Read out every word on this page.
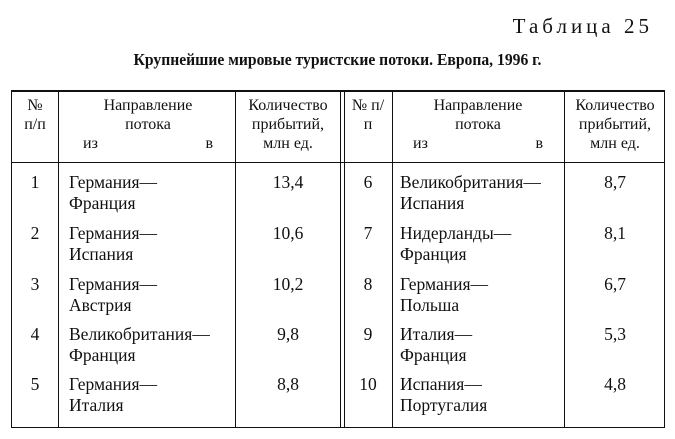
Таблица 25
Крупнейшие мировые туристские потоки. Европа, 1996 г.
№ п/п
Направление потока
из	в
Количество прибытий, млн ед.
№ п/п
Направление потока
из	в
Количество прибытий, млн ед.
1	Германия—
Франция
13,4
2	Германия—
Испания
10,6
3	Германия—
Австрия
10,2
4	Великобритания—
Франция
9,8
5	Германия—
Италия
8,8
6	Великобритания—
Испания
8,7
7	Нидерланды—
Франция
8,1
8	Германия—
Польша
6,7
9	Италия—
Франция
5,3
10	Испания—
Португалия
4,8
